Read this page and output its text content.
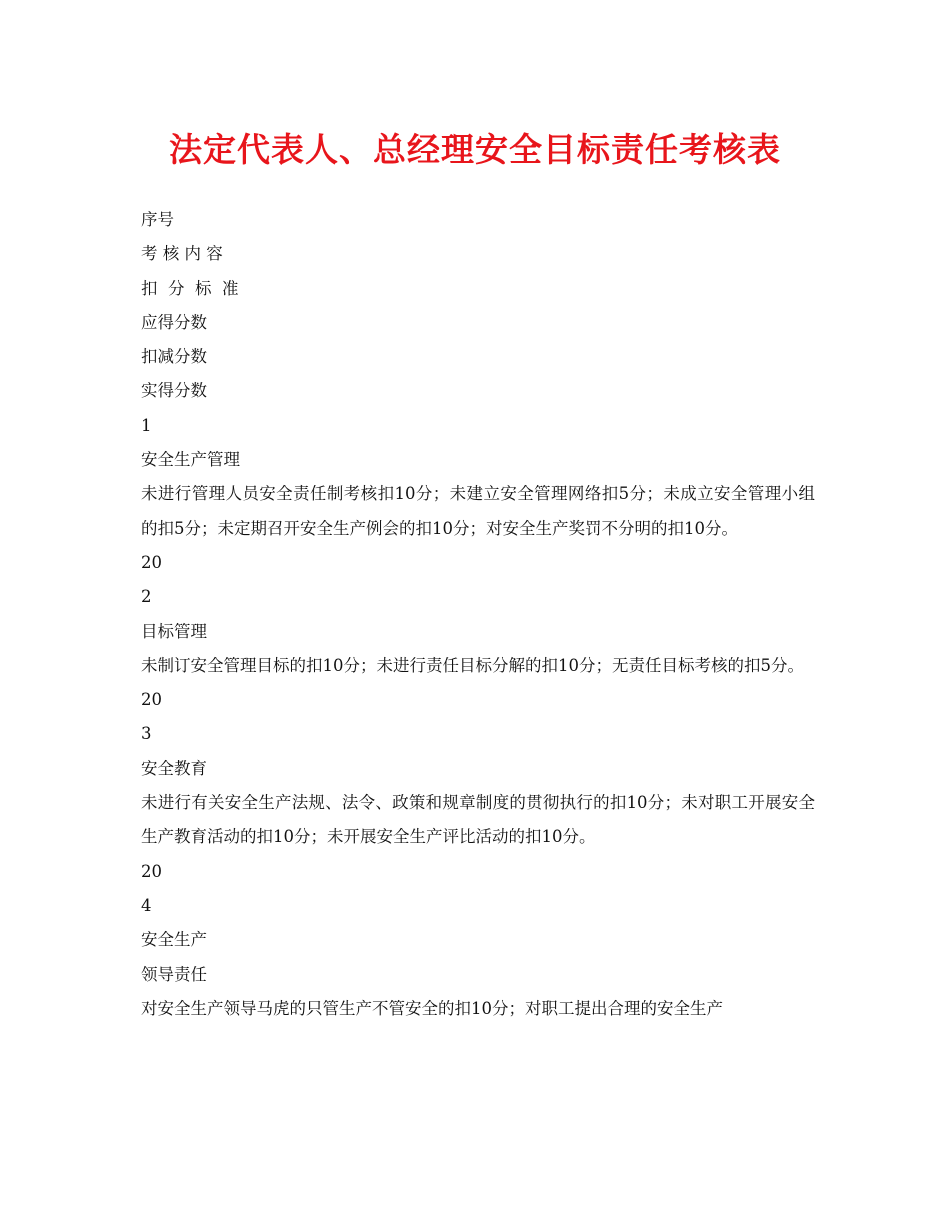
法定代表人、总经理安全目标责任考核表

序号

考 核 内 容

扣  分  标  准

应得分数

扣减分数

实得分数

1

安全生产管理

未进行管理人员安全责任制考核扣10分；未建立安全管理网络扣5分；未成立安全管理小组的扣5分；未定期召开安全生产例会的扣10分；对安全生产奖罚不分明的扣10分。

20

2

目标管理

未制订安全管理目标的扣10分；未进行责任目标分解的扣10分；无责任目标考核的扣5分。

20

3

安全教育

未进行有关安全生产法规、法令、政策和规章制度的贯彻执行的扣10分；未对职工开展安全生产教育活动的扣10分；未开展安全生产评比活动的扣10分。

20

4

安全生产

领导责任

对安全生产领导马虎的只管生产不管安全的扣10分；对职工提出合理的安全生产
